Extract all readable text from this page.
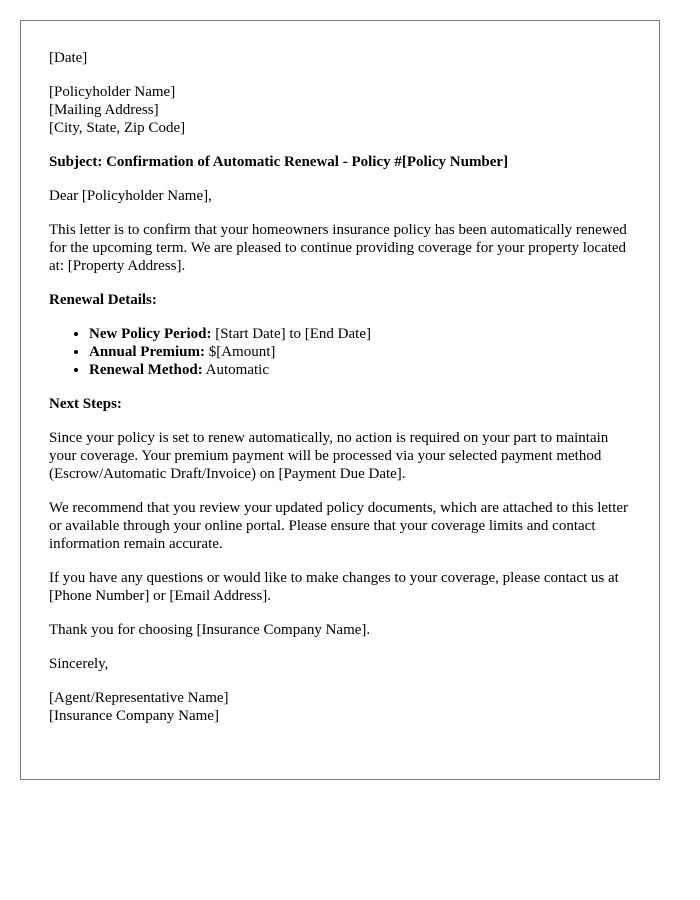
[Date]
[Policyholder Name]
[Mailing Address]
[City, State, Zip Code]
Subject: Confirmation of Automatic Renewal - Policy #[Policy Number]
Dear [Policyholder Name],
This letter is to confirm that your homeowners insurance policy has been automatically renewed for the upcoming term. We are pleased to continue providing coverage for your property located at: [Property Address].
Renewal Details:
• New Policy Period: [Start Date] to [End Date]
• Annual Premium: $[Amount]
• Renewal Method: Automatic
Next Steps:
Since your policy is set to renew automatically, no action is required on your part to maintain your coverage. Your premium payment will be processed via your selected payment method (Escrow/Automatic Draft/Invoice) on [Payment Due Date].
We recommend that you review your updated policy documents, which are attached to this letter or available through your online portal. Please ensure that your coverage limits and contact information remain accurate.
If you have any questions or would like to make changes to your coverage, please contact us at [Phone Number] or [Email Address].
Thank you for choosing [Insurance Company Name].
Sincerely,
[Agent/Representative Name]
[Insurance Company Name]
